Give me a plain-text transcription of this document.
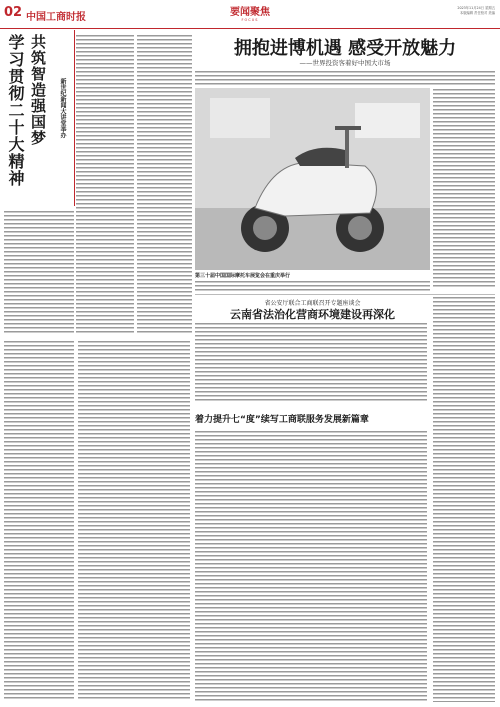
02 中国工商时报	要闻聚焦
FOCUS
2023年11月24日 星期五
本版编辑 责任校对 美编
共筑智造强国梦
学习贯彻二十大精神	新世纪新闻大讲堂举办
拥抱进博机遇 感受开放魅力
——世界投资客着好中国大市场
第三十届中国国际摩托车展览会在重庆举行
省公安厅联合工商联召开专题座谈会
云南省法治化营商环境建设再深化
着力提升七“度”续写工商联服务发展新篇章
